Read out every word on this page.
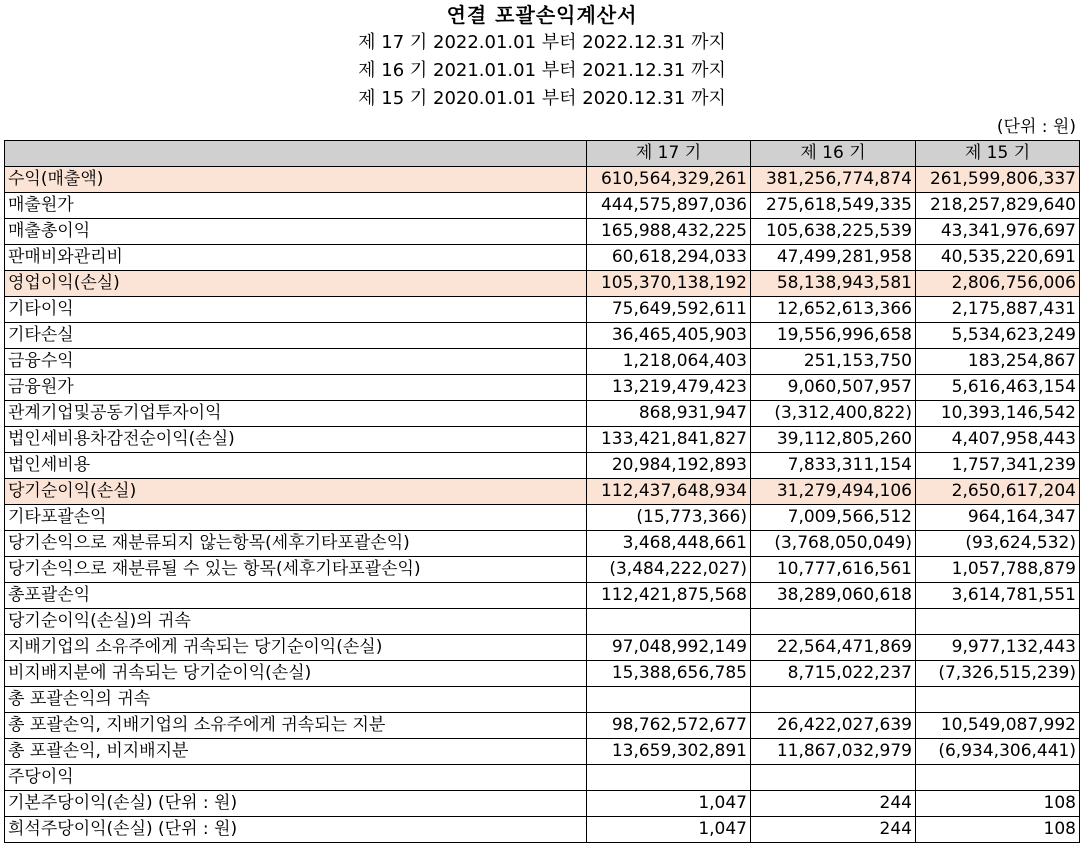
연결 포괄손익계산서
제 17 기 2022.01.01 부터 2022.12.31 까지
제 16 기 2021.01.01 부터 2021.12.31 까지
제 15 기 2020.01.01 부터 2020.12.31 까지
(단위 : 원)
	제 17 기	제 16 기	제 15 기
수익(매출액)	610,564,329,261	381,256,774,874	261,599,806,337
매출원가	444,575,897,036	275,618,549,335	218,257,829,640
매출총이익	165,988,432,225	105,638,225,539	43,341,976,697
판매비와관리비	60,618,294,033	47,499,281,958	40,535,220,691
영업이익(손실)	105,370,138,192	58,138,943,581	2,806,756,006
기타이익	75,649,592,611	12,652,613,366	2,175,887,431
기타손실	36,465,405,903	19,556,996,658	5,534,623,249
금융수익	1,218,064,403	251,153,750	183,254,867
금융원가	13,219,479,423	9,060,507,957	5,616,463,154
관계기업및공동기업투자이익	868,931,947	(3,312,400,822)	10,393,146,542
법인세비용차감전순이익(손실)	133,421,841,827	39,112,805,260	4,407,958,443
법인세비용	20,984,192,893	7,833,311,154	1,757,341,239
당기순이익(손실)	112,437,648,934	31,279,494,106	2,650,617,204
기타포괄손익	(15,773,366)	7,009,566,512	964,164,347
당기손익으로 재분류되지 않는항목(세후기타포괄손익)	3,468,448,661	(3,768,050,049)	(93,624,532)
당기손익으로 재분류될 수 있는 항목(세후기타포괄손익)	(3,484,222,027)	10,777,616,561	1,057,788,879
총포괄손익	112,421,875,568	38,289,060,618	3,614,781,551
당기순이익(손실)의 귀속			
지배기업의 소유주에게 귀속되는 당기순이익(손실)	97,048,992,149	22,564,471,869	9,977,132,443
비지배지분에 귀속되는 당기순이익(손실)	15,388,656,785	8,715,022,237	(7,326,515,239)
총 포괄손익의 귀속			
총 포괄손익, 지배기업의 소유주에게 귀속되는 지분	98,762,572,677	26,422,027,639	10,549,087,992
총 포괄손익, 비지배지분	13,659,302,891	11,867,032,979	(6,934,306,441)
주당이익			
기본주당이익(손실) (단위 : 원)	1,047	244	108
희석주당이익(손실) (단위 : 원)	1,047	244	108
